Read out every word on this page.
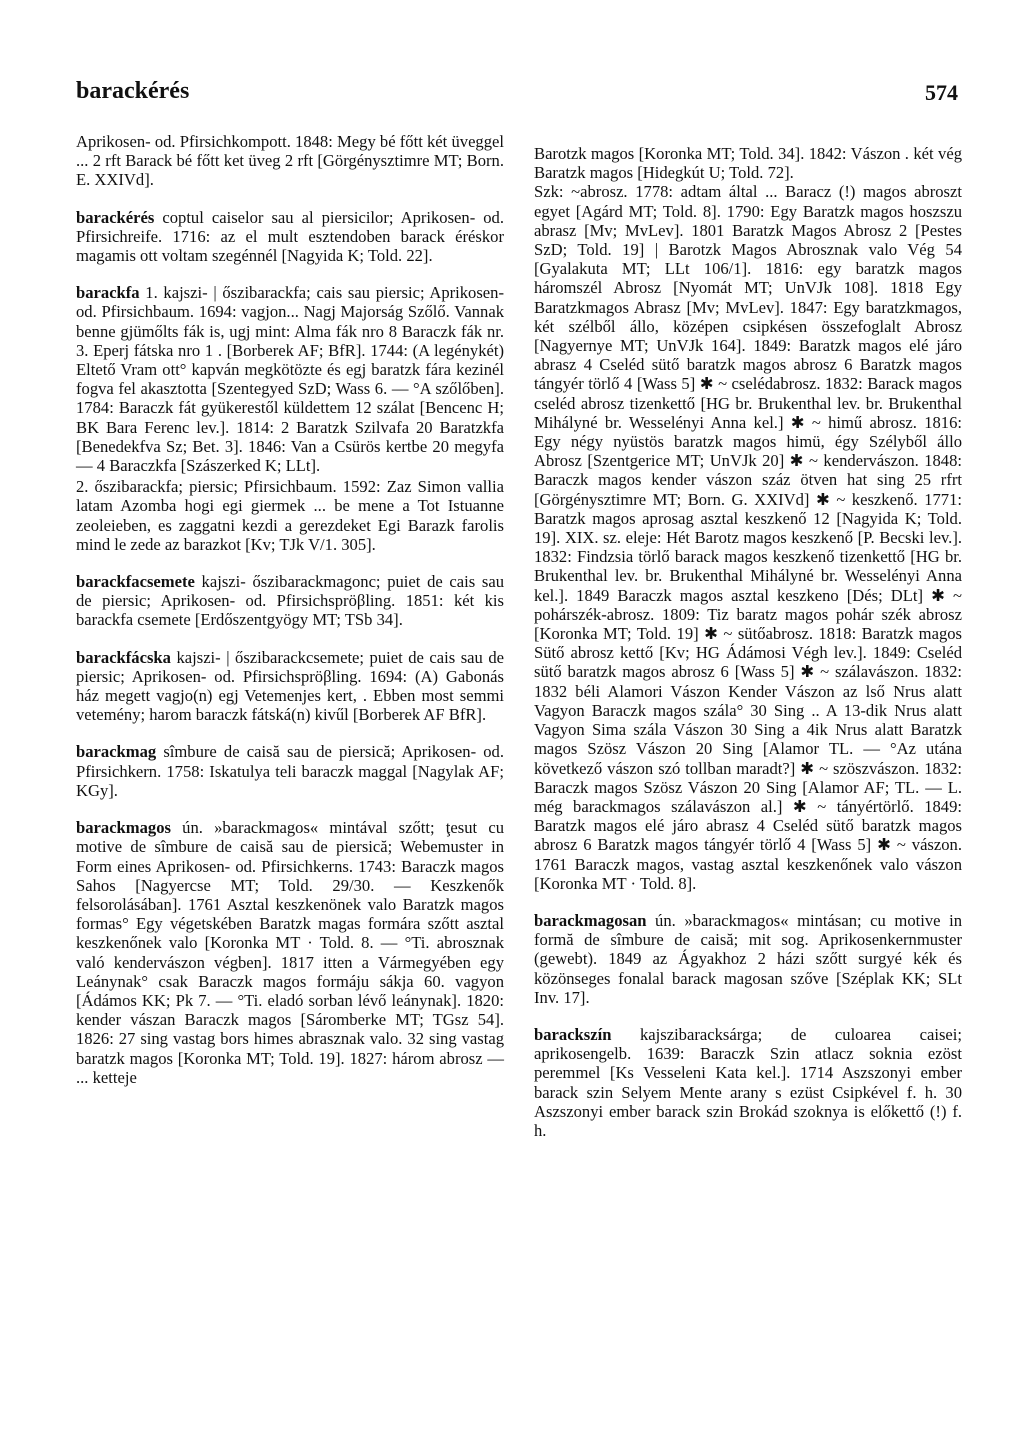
barackérés	574
Aprikosen- od. Pfirsichkompott. 1848: Megy bé főtt két üveggel ... 2 rft Barack bé főtt ket üveg 2 rft [Görgénysztimre MT; Born. E. XXIVd].
barackérés coptul caiselor sau al piersicilor; Aprikosen- od. Pfirsichreife. 1716: az el mult esztendoben barack éréskor magamis ott voltam szegénnél [Nagyida K; Told. 22].
barackfa 1. kajszi- | őszibarackfa; cais sau piersic; Aprikosen- od. Pfirsichbaum. 1694: vagjon... Nagj Majorság Szőlő. Vannak benne gjümőlts fák is, ugj mint: Alma fák nro 8 Baraczk fák nr. 3. Eperj fátska nro 1 . [Borberek AF; BfR]. 1744: (A legénykét) Eltető Vram ott° kapván megkötözte és egj baratzk fára kezinél fogva fel akasztotta [Szentegyed SzD; Wass 6. — °A szőlőben]. 1784: Baraczk fát gyükerestől küldettem 12 szálat [Bencenc H; BK Bara Ferenc lev.]. 1814: 2 Baratzk Szilvafa 20 Baratzkfa [Benedekfva Sz; Bet. 3]. 1846: Van a Csürös kertbe 20 megyfa — 4 Baraczkfa [Szászerked K; LLt].
2. őszibarackfa; piersic; Pfirsichbaum. 1592: Zaz Simon vallia latam Azomba hogi egi giermek ... be mene a Tot Istuanne zeoleieben, es zaggatni kezdi a gerezdeket Egi Barazk farolis mind le zede az barazkot [Kv; TJk V/1. 305].
barackfacsemete kajszi- őszibarackmagonc; puiet de cais sau de piersic; Aprikosen- od. Pfirsichspröβling. 1851: két kis barackfa csemete [Erdőszentgyögy MT; TSb 34].
barackfácska kajszi- | őszibarackcsemete; puiet de cais sau de piersic; Aprikosen- od. Pfirsichspröβling. 1694: (A) Gabonás ház megett vagjo(n) egj Vetemenjes kert, . Ebben most semmi vetemény; harom baraczk fátská(n) kivűl [Borberek AF BfR].
barackmag sîmbure de caisă sau de piersică; Aprikosen- od. Pfirsichkern. 1758: Iskatulya teli baraczk maggal [Nagylak AF; KGy].
barackmagos ún. »barackmagos« mintával szőtt; ţesut cu motive de sîmbure de caisă sau de piersică; Webemuster in Form eines Aprikosen- od. Pfirsichkerns. 1743: Baraczk magos Sahos [Nagyercse MT; Told. 29/30. — Keszkenők felsorolásában]. 1761 Asztal keszkenönek valo Baratzk magos formas° Egy végetskében Baratzk magas formára szőtt asztal keszkenőnek valo [Koronka MT · Told. 8. — °Ti. abrosznak való kendervászon végben]. 1817 itten a Vármegyében egy Leánynak° csak Baraczk magos formáju sákja 60. vagyon [Ádámos KK; Pk 7. — °Ti. eladó sorban lévő leánynak]. 1820: kender vászan Baraczk magos [Sáromberke MT; TGsz 54]. 1826: 27 sing vastag bors himes abrasznak valo. 32 sing vastag baratzk magos [Koronka MT; Told. 19]. 1827: három abrosz — ... ketteje
Barotzk magos [Koronka MT; Told. 34]. 1842: Vászon . két vég Baratzk magos [Hidegkút U; Told. 72].
Szk: ~abrosz. 1778: adtam által ... Baracz (!) magos abroszt egyet [Agárd MT; Told. 8]. 1790: Egy Baratzk magos hoszszu abrasz [Mv; MvLev]. 1801 Baratzk Magos Abrosz 2 [Pestes SzD; Told. 19] | Barotzk Magos Abrosznak valo Vég 54 [Gyalakuta MT; LLt 106/1]. 1816: egy baratzk magos háromszél Abrosz [Nyomát MT; UnVJk 108]. 1818 Egy Baratzkmagos Abrasz [Mv; MvLev]. 1847: Egy baratzkmagos, két szélből állo, középen csipkésen összefoglalt Abrosz [Nagyernye MT; UnVJk 164]. 1849: Baratzk magos elé járo abrasz 4 Cseléd sütő baratzk magos abrosz 6 Baratzk magos tángyér törlő 4 [Wass 5] ✱ ~ cselédabrosz. 1832: Barack magos cseléd abrosz tizenkettő [HG br. Brukenthal lev. br. Brukenthal Mihályné br. Wesselényi Anna kel.] ✱ ~ himű abrosz. 1816: Egy négy nyüstös baratzk magos himü, égy Szélyből állo Abrosz [Szentgerice MT; UnVJk 20] ✱ ~ kendervászon. 1848: Baraczk magos kender vászon száz ötven hat sing 25 rfrt [Görgénysztimre MT; Born. G. XXIVd] ✱ ~ keszkenő. 1771: Baratzk magos aprosag asztal keszkenő 12 [Nagyida K; Told. 19]. XIX. sz. eleje: Hét Barotz magos keszkenő [P. Becski lev.]. 1832: Findzsia törlő barack magos keszkenő tizenkettő [HG br. Brukenthal lev. br. Brukenthal Mihályné br. Wesselényi Anna kel.]. 1849 Baraczk magos asztal keszkeno [Dés; DLt] ✱ ~ pohárszék-abrosz. 1809: Tiz baratz magos pohár szék abrosz [Koronka MT; Told. 19] ✱ ~ sütőabrosz. 1818: Baratzk magos Sütő abrosz kettő [Kv; HG Ádámosi Végh lev.]. 1849: Cseléd sütő baratzk magos abrosz 6 [Wass 5] ✱ ~ szálavászon. 1832: 1832 béli Alamori Vászon Kender Vászon az lső Nrus alatt Vagyon Baraczk magos szála° 30 Sing .. A 13-dik Nrus alatt Vagyon Sima szála Vászon 30 Sing a 4ik Nrus alatt Baratzk magos Szösz Vászon 20 Sing [Alamor TL. — °Az utána következő vászon szó tollban maradt?] ✱ ~ szöszvászon. 1832: Baraczk magos Szösz Vászon 20 Sing [Alamor AF; TL. — L. még barackmagos szálavászon al.] ✱ ~ tányértörlő. 1849: Baratzk magos elé járo abrasz 4 Cseléd sütő baratzk magos abrosz 6 Baratzk magos tángyér törlő 4 [Wass 5] ✱ ~ vászon. 1761 Baraczk magos, vastag asztal keszkenőnek valo vászon [Koronka MT · Told. 8].
barackmagosan ún. »barackmagos« mintásan; cu motive in formă de sîmbure de caisă; mit sog. Aprikosenkernmuster (gewebt). 1849 az Ágyakhoz 2 házi szőtt surgyé kék és közönseges fonalal barack magosan szőve [Széplak KK; SLt Inv. 17].
barackszín kajszibaracksárga; de culoarea caisei; aprikosengelb. 1639: Baraczk Szin atlacz soknia ezöst peremmel [Ks Vesseleni Kata kel.]. 1714 Aszszonyi ember barack szin Selyem Mente arany s ezüst Csipkével f. h. 30 Aszszonyi ember barack szin Brokád szoknya is előkettő (!) f. h.
